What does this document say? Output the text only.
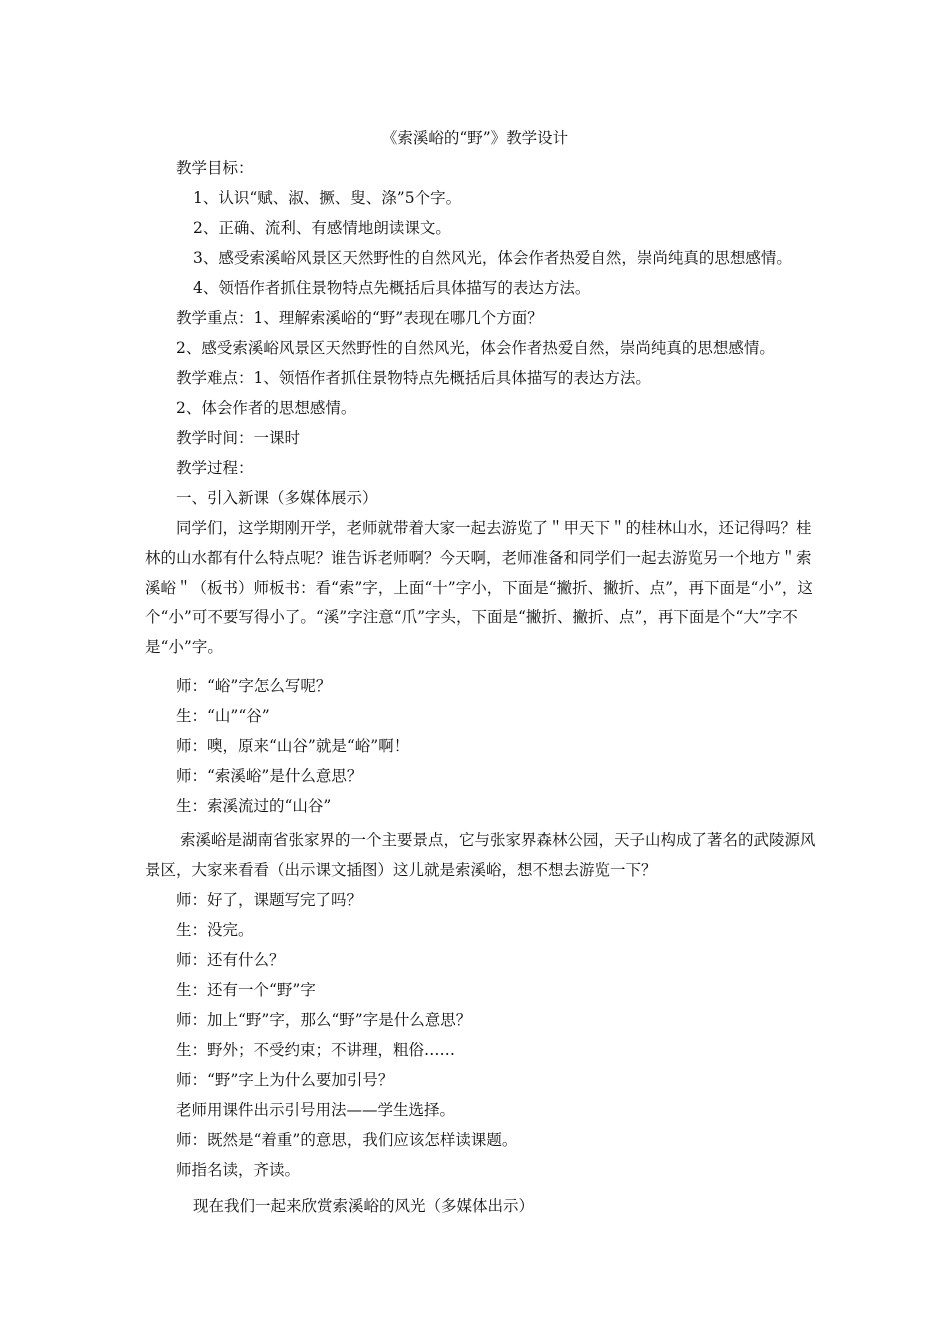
《索溪峪的“野”》教学设计
教学目标：
1、认识“赋、淑、撅、叟、涤”5个字。
2、正确、流利、有感情地朗读课文。
3、感受索溪峪风景区天然野性的自然风光，体会作者热爱自然，崇尚纯真的思想感情。
4、领悟作者抓住景物特点先概括后具体描写的表达方法。
教学重点：1、理解索溪峪的“野”表现在哪几个方面？
2、感受索溪峪风景区天然野性的自然风光，体会作者热爱自然，崇尚纯真的思想感情。
教学难点：1、领悟作者抓住景物特点先概括后具体描写的表达方法。
2、体会作者的思想感情。
教学时间：一课时
教学过程：
一、引入新课（多媒体展示）
同学们，这学期刚开学，老师就带着大家一起去游览了＂甲天下＂的桂林山水，还记得吗？桂林的山水都有什么特点呢？谁告诉老师啊？今天啊，老师准备和同学们一起去游览另一个地方＂索溪峪＂（板书）师板书：看“索”字，上面“十”字小，下面是“撇折、撇折、点”，再下面是“小”，这个“小”可不要写得小了。“溪”字注意“爪”字头，下面是“撇折、撇折、点”，再下面是个“大”字不是“小”字。
师：“峪”字怎么写呢？
生：“山”“谷”
师：噢，原来“山谷”就是“峪”啊！
师：“索溪峪”是什么意思？
生：索溪流过的“山谷”
索溪峪是湖南省张家界的一个主要景点，它与张家界森林公园，天子山构成了著名的武陵源风景区，大家来看看（出示课文插图）这儿就是索溪峪，想不想去游览一下？
师：好了，课题写完了吗？
生：没完。
师：还有什么？
生：还有一个“野”字
师：加上“野”字，那么“野”字是什么意思？
生：野外；不受约束；不讲理，粗俗……
师：“野”字上为什么要加引号？
老师用课件出示引号用法——学生选择。
师：既然是“着重”的意思，我们应该怎样读课题。
师指名读，齐读。
现在我们一起来欣赏索溪峪的风光（多媒体出示）
